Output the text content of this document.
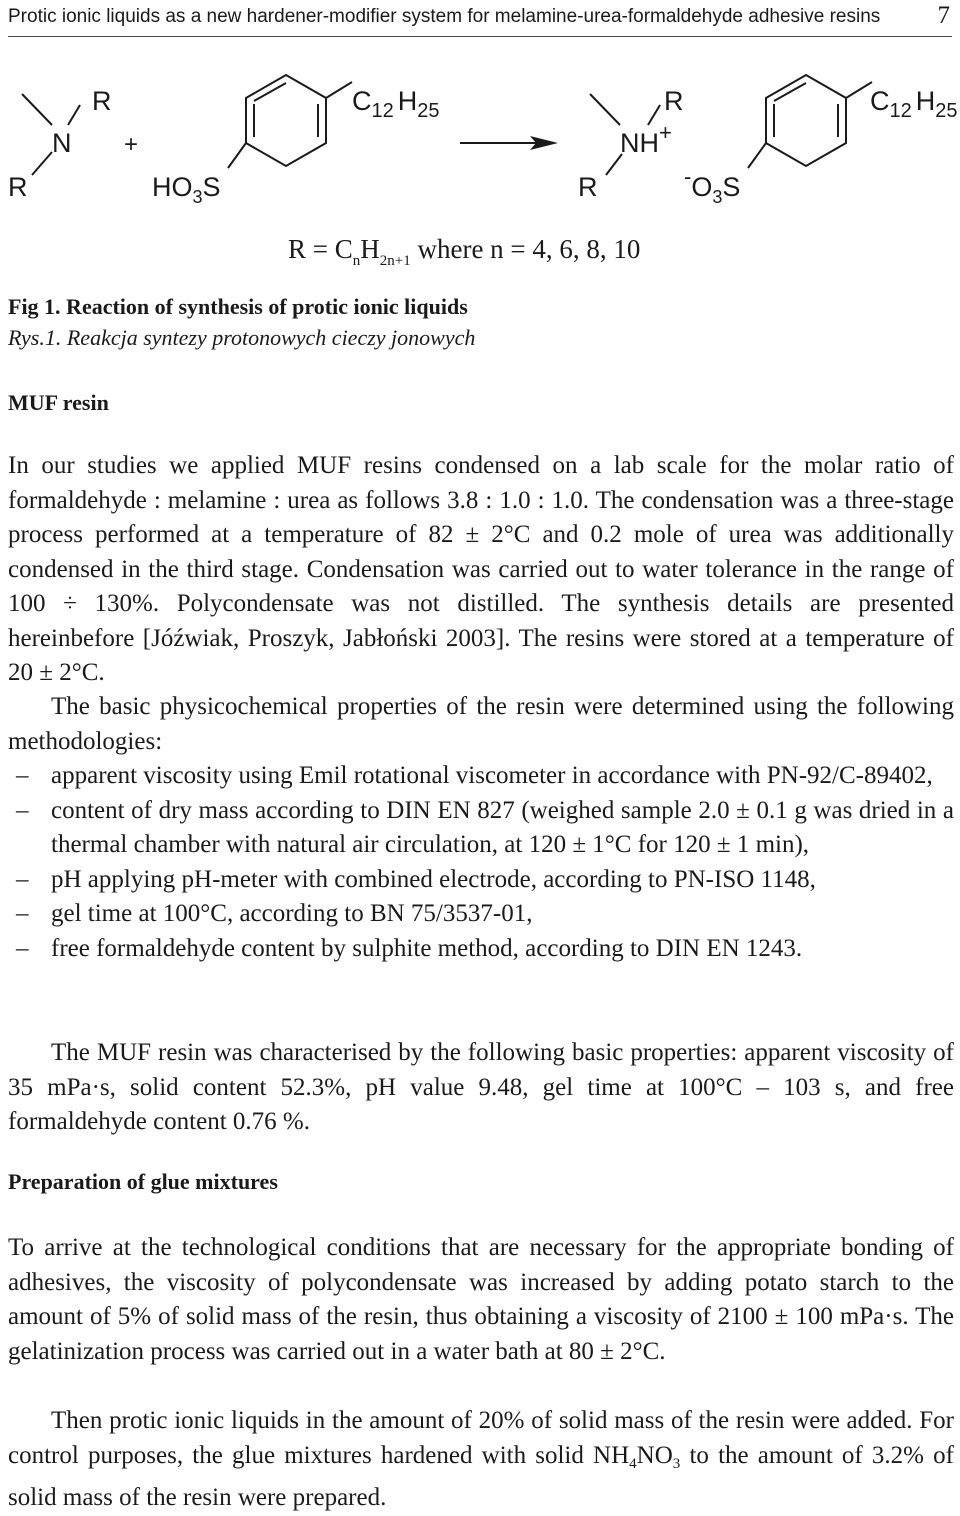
Protic ionic liquids as a new hardener-modifier system for melamine-urea-formaldehyde adhesive resins 7
R
N
R
+
$HO_3S$
$C_{12}$ $H_{25}$	R
NH+
R	$^-O_3S$
$C_{12}$ $H_{25}$
$R = C_nH_{2n+1}$ where n = 4, 6, 8, 10
Fig 1. Reaction of synthesis of protic ionic liquids
Rys.1. Reakcja syntezy protonowych cieczy jonowych
MUF resin
In our studies we applied MUF resins condensed on a lab scale for the molar ratio of formaldehyde : melamine : urea as follows 3.8 : 1.0 : 1.0. The condensation was a three-stage process performed at a temperature of 82 ± 2°C and 0.2 mole of urea was additionally condensed in the third stage. Condensation was carried out to water tolerance in the range of 100 ÷ 130%. Polycondensate was not distilled. The synthesis details are presented hereinbefore [Jóźwiak, Proszyk, Jabłoński 2003]. The resins were stored at a temperature of 20 ± 2°C.
The basic physicochemical properties of the resin were determined using the following methodologies:
– apparent viscosity using Emil rotational viscometer in accordance with PN-92/C-89402,
– content of dry mass according to DIN EN 827 (weighed sample 2.0 ± 0.1 g was dried in a thermal chamber with natural air circulation, at 120 ± 1°C for 120 ± 1 min),
– pH applying pH-meter with combined electrode, according to PN-ISO 1148,
– gel time at 100°C, according to BN 75/3537-01,
– free formaldehyde content by sulphite method, according to DIN EN 1243.
The MUF resin was characterised by the following basic properties: apparent viscosity of 35 mPa·s, solid content 52.3%, pH value 9.48, gel time at 100°C – 103 s, and free formaldehyde content 0.76 %.
Preparation of glue mixtures
To arrive at the technological conditions that are necessary for the appropriate bonding of adhesives, the viscosity of polycondensate was increased by adding potato starch to the amount of 5% of solid mass of the resin, thus obtaining a viscosity of 2100 ± 100 mPa·s. The gelatinization process was carried out in a water bath at 80 ± 2°C.
Then protic ionic liquids in the amount of 20% of solid mass of the resin were added. For control purposes, the glue mixtures hardened with solid $NH_4NO_3$ to the amount of 3.2% of solid mass of the resin were prepared.
